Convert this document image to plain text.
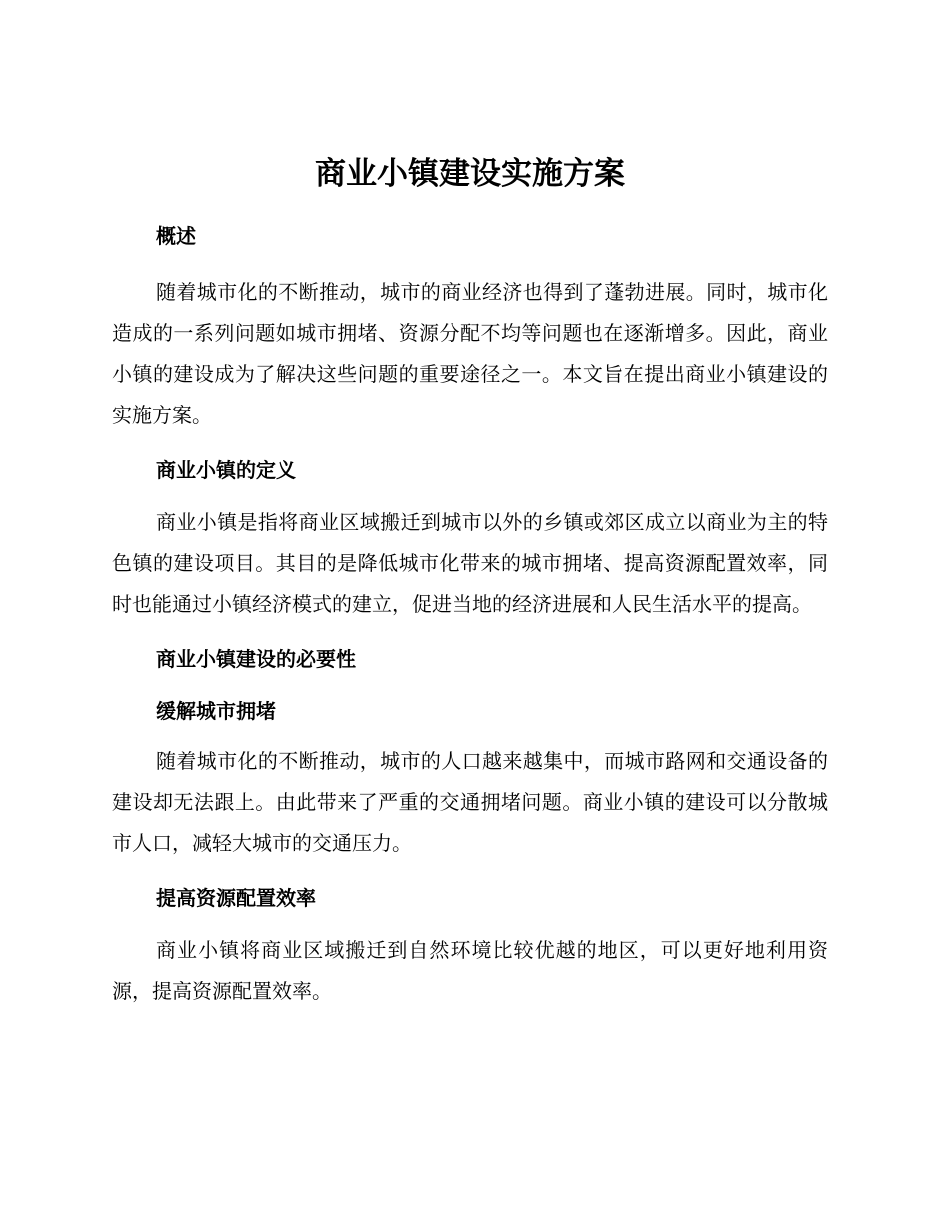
商业小镇建设实施方案
概述

随着城市化的不断推动，城市的商业经济也得到了蓬勃进展。同时，城市化造成的一系列问题如城市拥堵、资源分配不均等问题也在逐渐增多。因此，商业小镇的建设成为了解决这些问题的重要途径之一。本文旨在提出商业小镇建设的实施方案。

商业小镇的定义

商业小镇是指将商业区域搬迁到城市以外的乡镇或郊区成立以商业为主的特色镇的建设项目。其目的是降低城市化带来的城市拥堵、提高资源配置效率，同时也能通过小镇经济模式的建立，促进当地的经济进展和人民生活水平的提高。

商业小镇建设的必要性
缓解城市拥堵

随着城市化的不断推动，城市的人口越来越集中，而城市路网和交通设备的建设却无法跟上。由此带来了严重的交通拥堵问题。商业小镇的建设可以分散城市人口，减轻大城市的交通压力。

提高资源配置效率

商业小镇将商业区域搬迁到自然环境比较优越的地区，可以更好地利用资源，提高资源配置效率。
